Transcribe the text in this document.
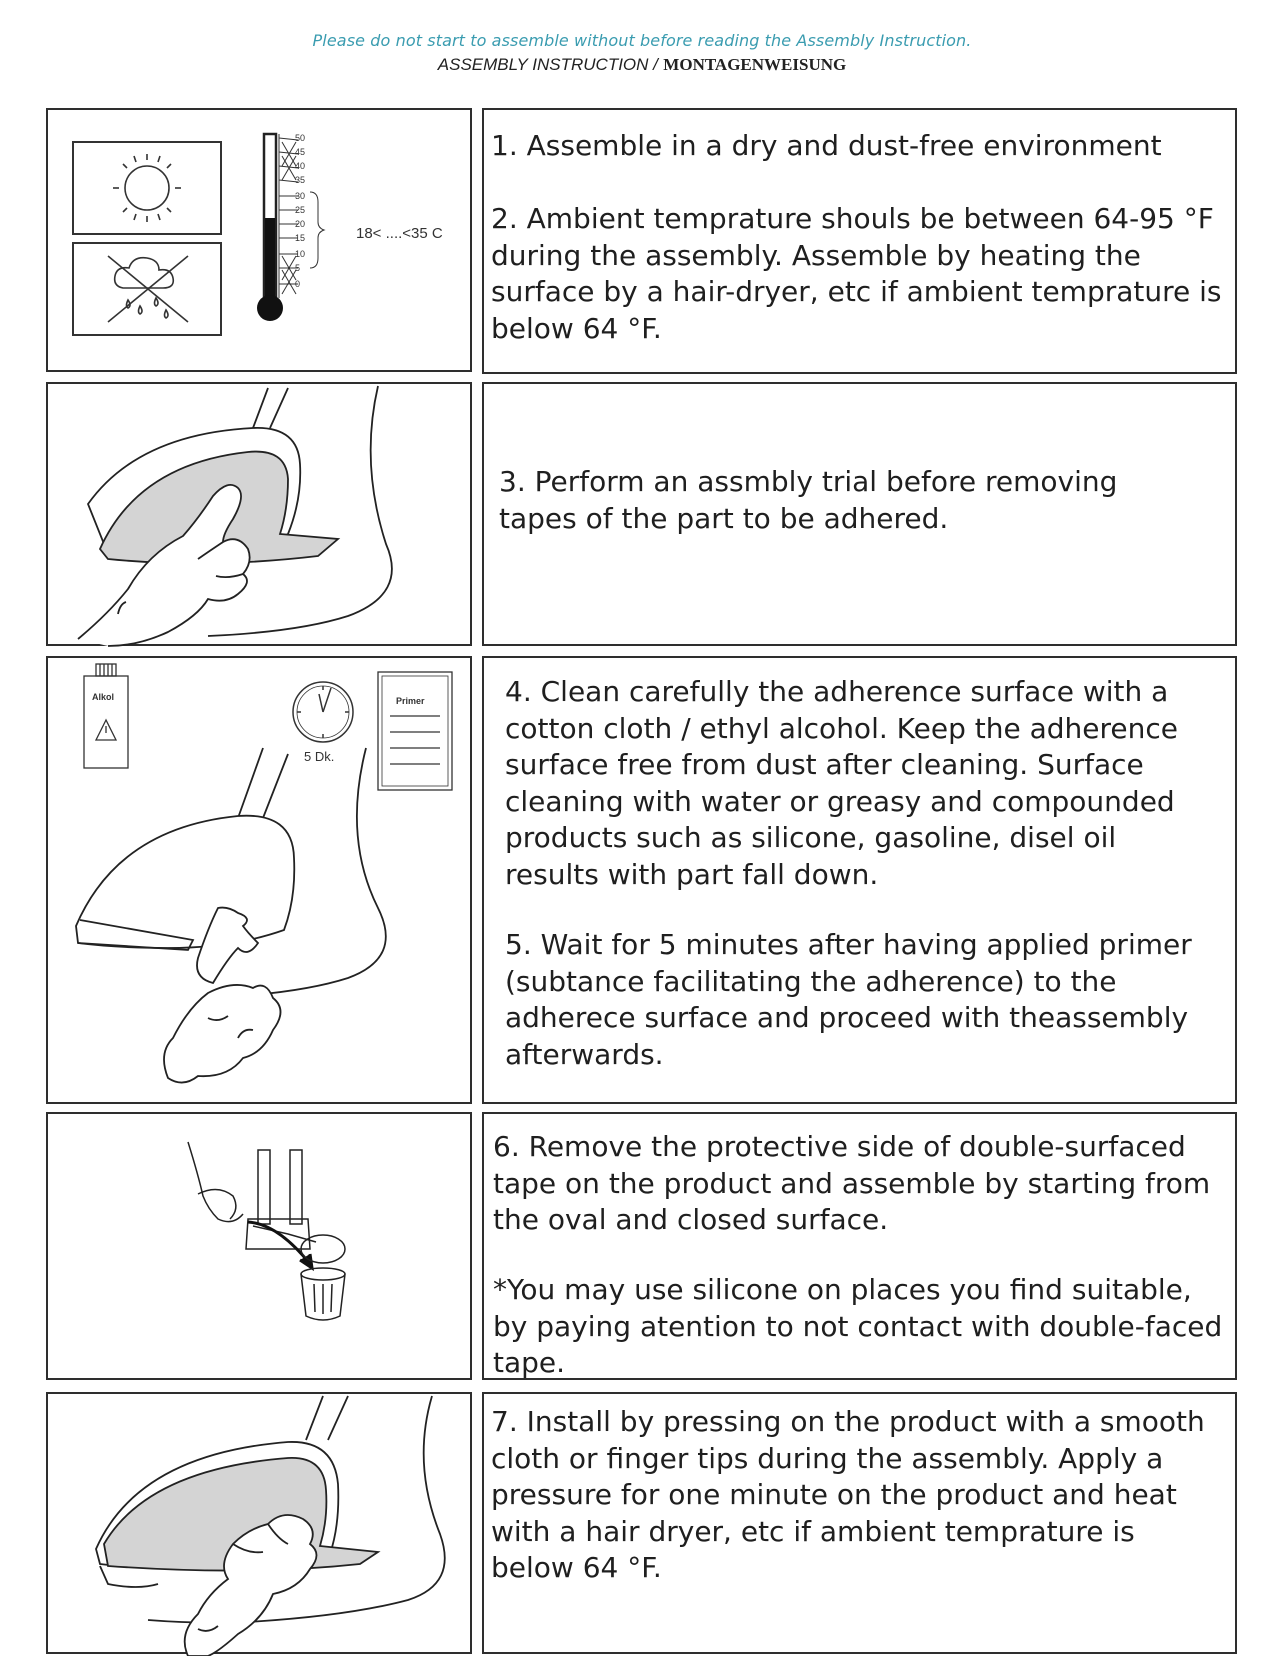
Please do not start to assemble without before reading the Assembly Instruction.
ASSEMBLY INSTRUCTION / MONTAGENWEISUNG
50
45
40
35
30
25
20
15
10
5
0
18< ....<35 C

1. Assemble in a dry and dust-free environment

2. Ambient temprature shouls be between 64-95 °F
during the assembly. Assemble by heating the
surface by a hair-dryer, etc if ambient temprature is
below 64 °F.

3. Perform an assmbly trial before removing
tapes of the part to be adhered.

Alkol
5 Dk.
Primer	4. Clean carefully the adherence surface with a
cotton cloth / ethyl alcohol. Keep the adherence
surface free from dust after cleaning. Surface
cleaning with water or greasy and compounded
products such as silicone, gasoline, disel oil
results with part fall down.

5. Wait for 5 minutes after having applied primer
(subtance facilitating the adherence) to the
adherece surface and proceed with theassembly
afterwards.

6. Remove the protective side of double-surfaced
tape on the product and assemble by starting from
the oval and closed surface.

*You may use silicone on places you find suitable,
by paying atention to not contact with double-faced
tape.

7. Install by pressing on the product with a smooth
cloth or finger tips during the assembly. Apply a
pressure for one minute on the product and heat
with a hair dryer, etc if ambient temprature is
below 64 °F.
